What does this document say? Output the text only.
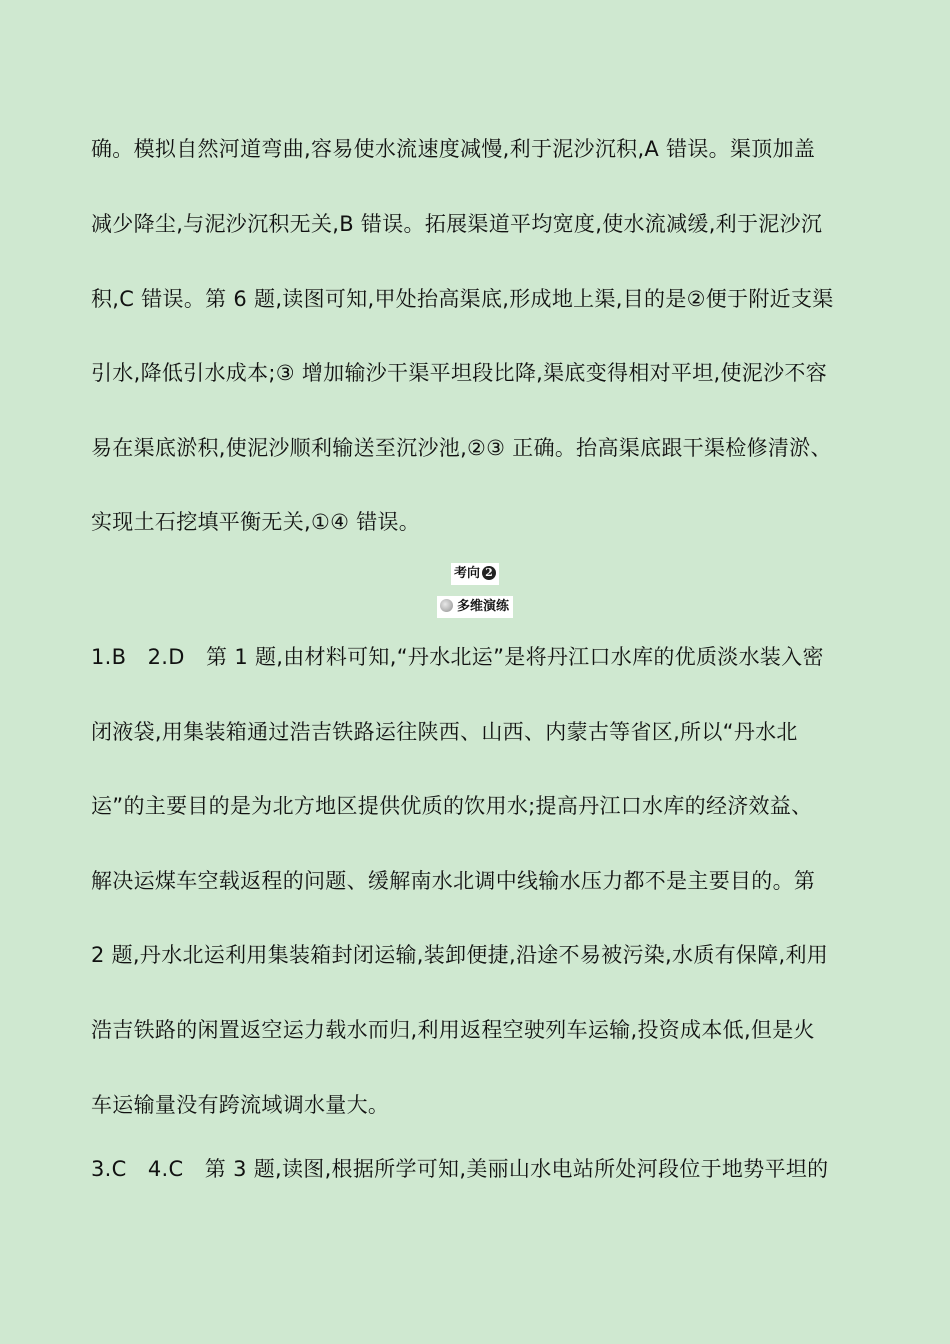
确。模拟自然河道弯曲,容易使水流速度减慢,利于泥沙沉积,A 错误。渠顶加盖
减少降尘,与泥沙沉积无关,B 错误。拓展渠道平均宽度,使水流减缓,利于泥沙沉
积,C 错误。第 6 题,读图可知,甲处抬高渠底,形成地上渠,目的是②便于附近支渠
引水,降低引水成本;③ 增加输沙干渠平坦段比降,渠底变得相对平坦,使泥沙不容
易在渠底淤积,使泥沙顺利输送至沉沙池,②③ 正确。抬高渠底跟干渠检修清淤、
实现土石挖填平衡无关,①④ 错误。
考向 2
多维演练
1.B　2.D　第 1 题,由材料可知,“丹水北运”是将丹江口水库的优质淡水装入密
闭液袋,用集装箱通过浩吉铁路运往陕西、山西、内蒙古等省区,所以“丹水北
运”的主要目的是为北方地区提供优质的饮用水;提高丹江口水库的经济效益、
解决运煤车空载返程的问题、缓解南水北调中线输水压力都不是主要目的。第
2 题,丹水北运利用集装箱封闭运输,装卸便捷,沿途不易被污染,水质有保障,利用
浩吉铁路的闲置返空运力载水而归,利用返程空驶列车运输,投资成本低,但是火
车运输量没有跨流域调水量大。
3.C　4.C　第 3 题,读图,根据所学可知,美丽山水电站所处河段位于地势平坦的
